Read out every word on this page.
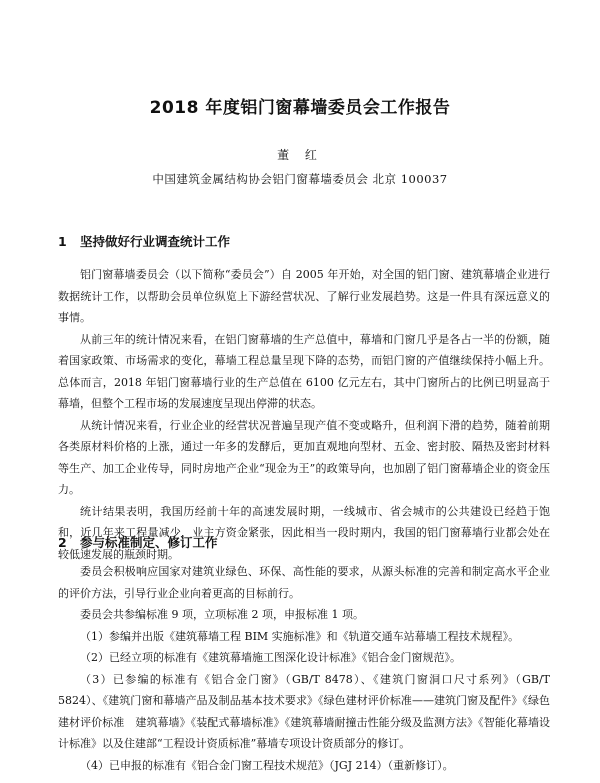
2018 年度铝门窗幕墙委员会工作报告
董 红
中国建筑金属结构协会铝门窗幕墙委员会 北京 100037
1 坚持做好行业调查统计工作

铝门窗幕墙委员会（以下简称“委员会”）自 2005 年开始，对全国的铝门窗、建筑幕墙企业进行数据统计工作，以帮助会员单位纵览上下游经营状况、了解行业发展趋势。这是一件具有深远意义的事情。

从前三年的统计情况来看，在铝门窗幕墙的生产总值中，幕墙和门窗几乎是各占一半的份额，随着国家政策、市场需求的变化，幕墙工程总量呈现下降的态势，而铝门窗的产值继续保持小幅上升。总体而言，2018 年铝门窗幕墙行业的生产总值在 6100 亿元左右，其中门窗所占的比例已明显高于幕墙，但整个工程市场的发展速度呈现出停滞的状态。

从统计情况来看，行业企业的经营状况普遍呈现产值不变或略升，但利润下滑的趋势，随着前期各类原材料价格的上涨，通过一年多的发酵后，更加直观地向型材、五金、密封胶、隔热及密封材料等生产、加工企业传导，同时房地产企业“现金为王”的政策导向，也加剧了铝门窗幕墙企业的资金压力。

统计结果表明，我国历经前十年的高速发展时期，一线城市、省会城市的公共建设已经趋于饱和，近几年来工程量减少，业主方资金紧张，因此相当一段时期内，我国的铝门窗幕墙行业都会处在较低速发展的瓶颈时期。

2 参与标准制定、修订工作

委员会积极响应国家对建筑业绿色、环保、高性能的要求，从源头标准的完善和制定高水平企业的评价方法，引导行业企业向着更高的目标前行。

委员会共参编标准 9 项，立项标准 2 项，申报标准 1 项。

（1）参编并出版《建筑幕墙工程 BIM 实施标准》和《轨道交通车站幕墙工程技术规程》。

（2）已经立项的标准有《建筑幕墙施工图深化设计标准》《铝合金门窗规范》。

（3）已参编的标准有《铝合金门窗》（GB/T 8478）、《建筑门窗洞口尺寸系列》（GB/T 5824）、《建筑门窗和幕墙产品及制品基本技术要求》《绿色建材评价标准——建筑门窗及配件》《绿色建材评价标准　建筑幕墙》《装配式幕墙标准》《建筑幕墙耐撞击性能分级及监测方法》《智能化幕墙设计标准》以及住建部“工程设计资质标准”幕墙专项设计资质部分的修订。

（4）已申报的标准有《铝合金门窗工程技术规范》（JGJ 214）（重新修订）。
